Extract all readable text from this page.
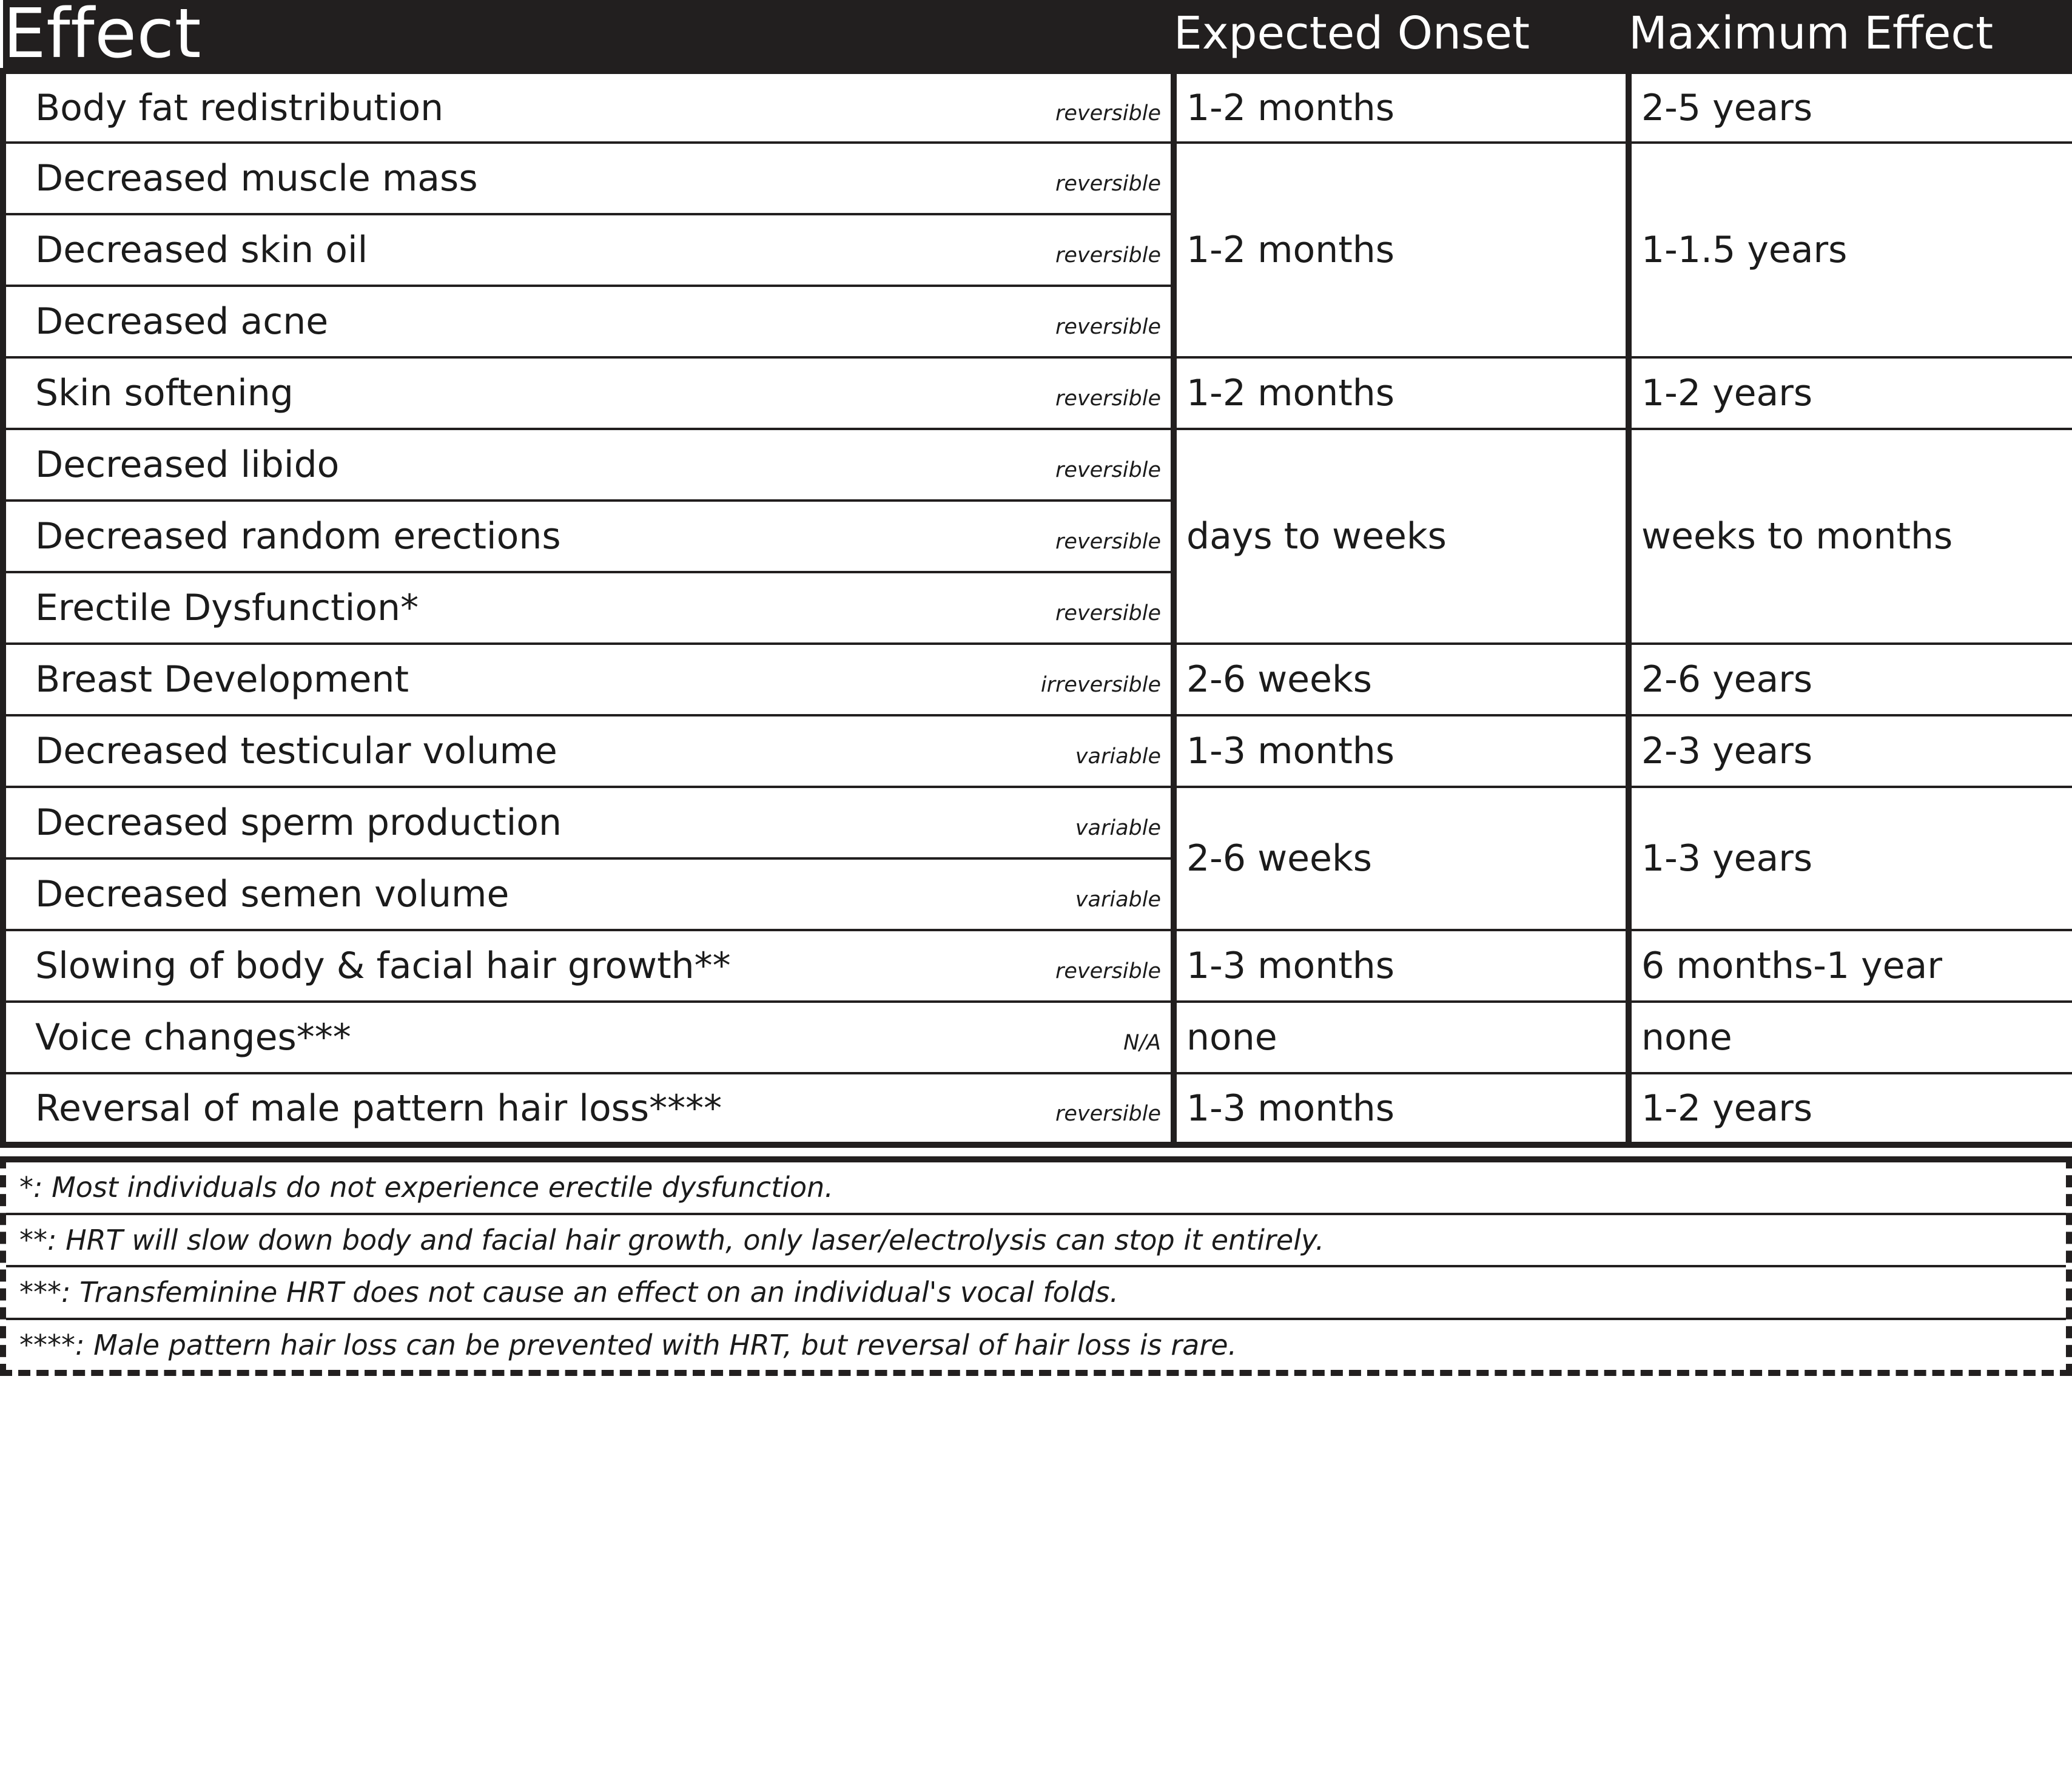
Effect	Expected Onset	Maximum Effect

Body fat redistribution reversible	1-2 months	2-5 years

Decreased muscle mass reversible	1-2 months	1-1.5 years

Decreased skin oil reversible		

Decreased acne reversible		

Skin softening reversible	1-2 months	1-2 years

Decreased libido reversible	days to weeks	weeks to months

Decreased random erections reversible		

Erectile Dysfunction* reversible		

Breast Development irreversible	2-6 weeks	2-6 years

Decreased testicular volume variable	1-3 months	2-3 years

Decreased sperm production variable	2-6 weeks	1-3 years

Decreased semen volume variable		

Slowing of body & facial hair growth** reversible	1-3 months	6 months-1 year

Voice changes*** N/A	none	none

Reversal of male pattern hair loss**** reversible	1-3 months	1-2 years
*: Most individuals do not experience erectile dysfunction.
**: HRT will slow down body and facial hair growth, only laser/electrolysis can stop it entirely.
***: Transfeminine HRT does not cause an effect on an individual's vocal folds.
****: Male pattern hair loss can be prevented with HRT, but reversal of hair loss is rare.
